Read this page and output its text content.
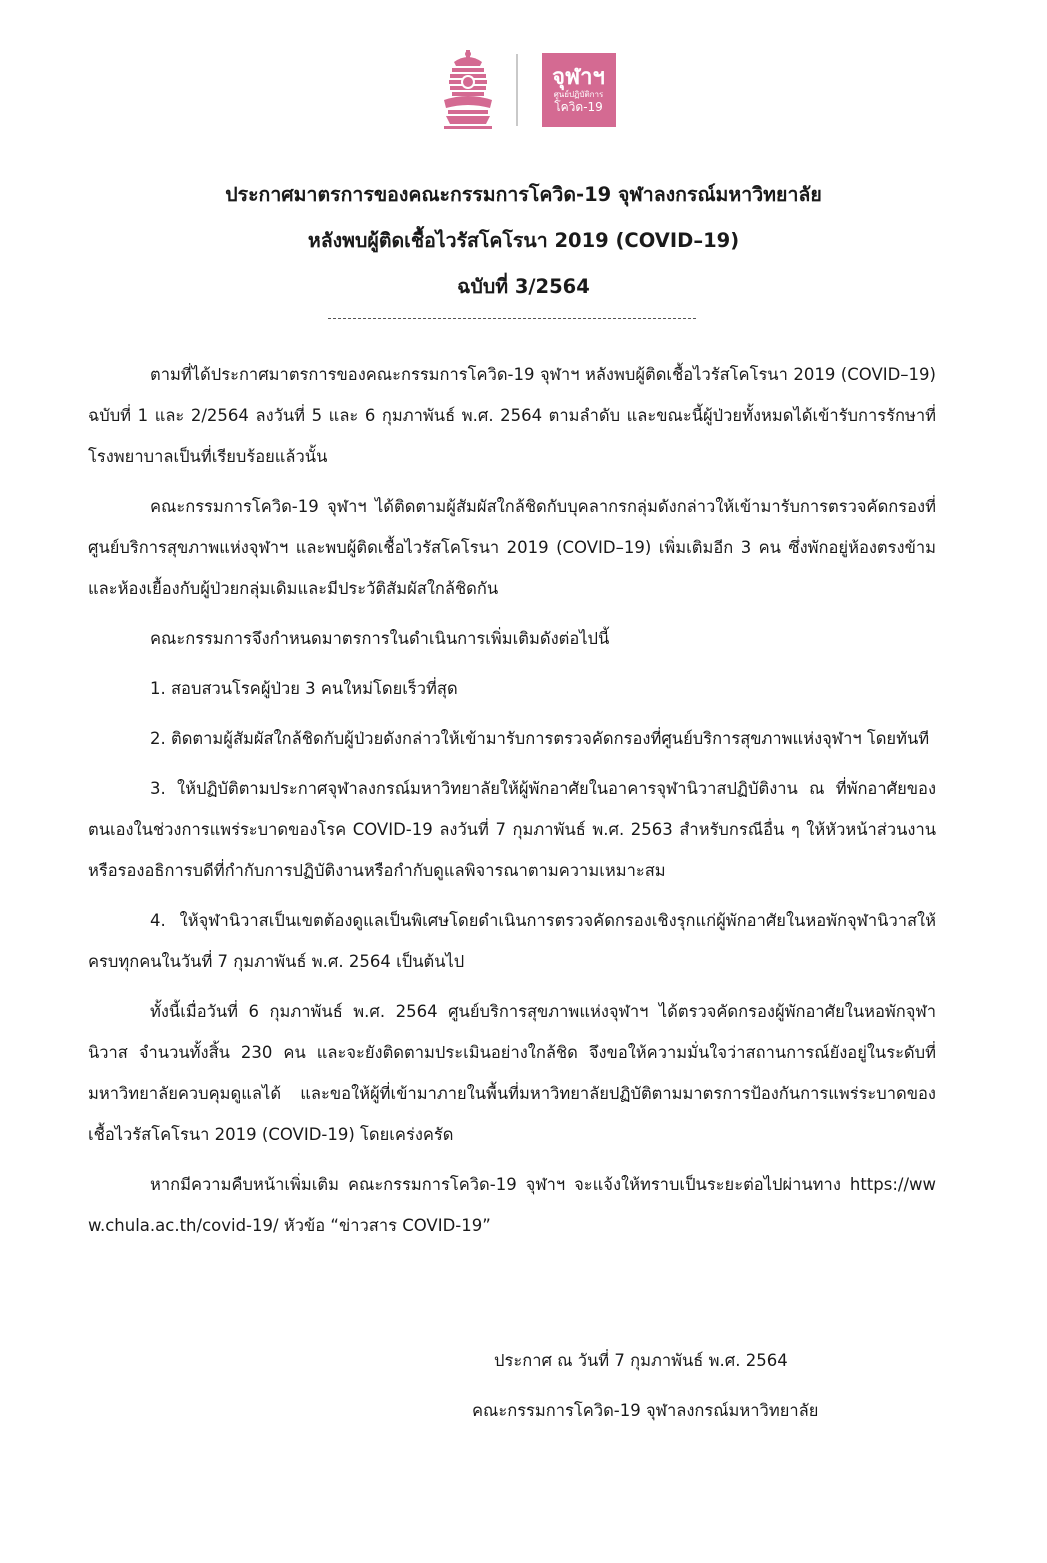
จุฬาฯ
ศูนย์ปฏิบัติการ
โควิด-19
ประกาศมาตรการของคณะกรรมการโควิด-19 จุฬาลงกรณ์มหาวิทยาลัย
หลังพบผู้ติดเชื้อไวรัสโคโรนา 2019 (COVID–19)
ฉบับที่ 3/2564

ตามที่ได้ประกาศมาตรการของคณะกรรมการโควิด-19 จุฬาฯ หลังพบผู้ติดเชื้อไวรัสโคโรนา 2019 (COVID–19) ฉบับที่ 1 และ 2/2564 ลงวันที่ 5 และ 6 กุมภาพันธ์ พ.ศ. 2564 ตามลำดับ และขณะนี้ผู้ป่วยทั้งหมดได้เข้ารับการรักษาที่โรงพยาบาลเป็นที่เรียบร้อยแล้วนั้น

คณะกรรมการโควิด-19 จุฬาฯ ได้ติดตามผู้สัมผัสใกล้ชิดกับบุคลากรกลุ่มดังกล่าวให้เข้ามารับการตรวจคัดกรองที่ศูนย์บริการสุขภาพแห่งจุฬาฯ และพบผู้ติดเชื้อไวรัสโคโรนา 2019 (COVID–19) เพิ่มเติมอีก 3 คน ซึ่งพักอยู่ห้องตรงข้ามและห้องเยื้องกับผู้ป่วยกลุ่มเดิมและมีประวัติสัมผัสใกล้ชิดกัน

คณะกรรมการจึงกำหนดมาตรการในดำเนินการเพิ่มเติมดังต่อไปนี้

1. สอบสวนโรคผู้ป่วย 3 คนใหม่โดยเร็วที่สุด

2. ติดตามผู้สัมผัสใกล้ชิดกับผู้ป่วยดังกล่าวให้เข้ามารับการตรวจคัดกรองที่ศูนย์บริการสุขภาพแห่งจุฬาฯ โดยทันที

3. ให้ปฏิบัติตามประกาศจุฬาลงกรณ์มหาวิทยาลัยให้ผู้พักอาศัยในอาคารจุฬานิวาสปฏิบัติงาน ณ ที่พักอาศัยของตนเองในช่วงการแพร่ระบาดของโรค COVID-19 ลงวันที่ 7 กุมภาพันธ์ พ.ศ. 2563 สำหรับกรณีอื่น ๆ ให้หัวหน้าส่วนงานหรือรองอธิการบดีที่กำกับการปฏิบัติงานหรือกำกับดูแลพิจารณาตามความเหมาะสม

4. ให้จุฬานิวาสเป็นเขตต้องดูแลเป็นพิเศษโดยดำเนินการตรวจคัดกรองเชิงรุกแก่ผู้พักอาศัยในหอพักจุฬานิวาสให้ครบทุกคนในวันที่ 7 กุมภาพันธ์ พ.ศ. 2564 เป็นต้นไป

ทั้งนี้เมื่อวันที่ 6 กุมภาพันธ์ พ.ศ. 2564 ศูนย์บริการสุขภาพแห่งจุฬาฯ ได้ตรวจคัดกรองผู้พักอาศัยในหอพักจุฬานิวาส จำนวนทั้งสิ้น 230 คน และจะยังติดตามประเมินอย่างใกล้ชิด จึงขอให้ความมั่นใจว่าสถานการณ์ยังอยู่ในระดับที่มหาวิทยาลัยควบคุมดูแลได้ และขอให้ผู้ที่เข้ามาภายในพื้นที่มหาวิทยาลัยปฏิบัติตามมาตรการป้องกันการแพร่ระบาดของเชื้อไวรัสโคโรนา 2019 (COVID-19) โดยเคร่งครัด

หากมีความคืบหน้าเพิ่มเติม คณะกรรมการโควิด-19 จุฬาฯ จะแจ้งให้ทราบเป็นระยะต่อไปผ่านทาง https://www.chula.ac.th/covid-19/ หัวข้อ “ข่าวสาร COVID-19”

ประกาศ ณ วันที่ 7 กุมภาพันธ์ พ.ศ. 2564
คณะกรรมการโควิด-19 จุฬาลงกรณ์มหาวิทยาลัย
